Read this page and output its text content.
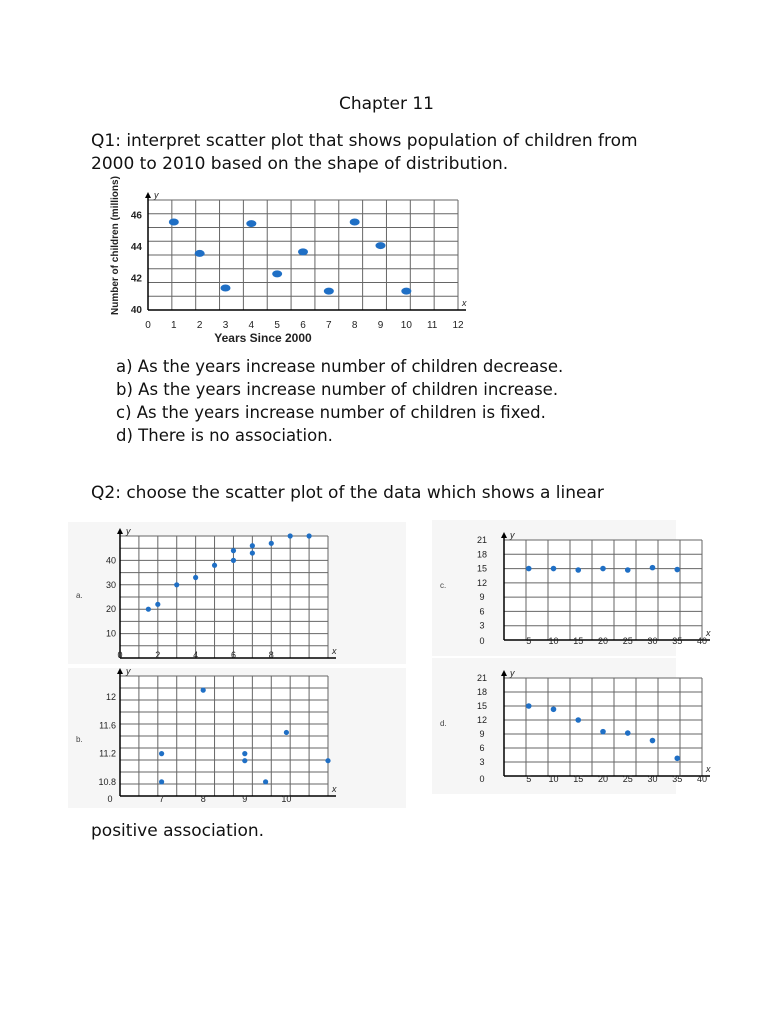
Chapter 11
Q1: interpret scatter plot that shows population of children from
2000 to 2010 based on the shape of distribution.
y
x
0 1 2 3 4 5 6 7 8 9 10 11 12
40
42
44
46
Years Since 2000
Number of children (millions)
a) As the years increase number of children decrease.
b) As the years increase number of children increase.
c) As the years increase number of children is fixed.
d) There is no association.
Q2: choose the scatter plot of the data which shows a linear
y
x
0	2	4	6	8
10
20
30
40
a.
y
x
0	7	8	9	10
10.8
11.2
11.6
12
b.
y
x
0	5 10 15 20 25 30 35 40
3
6
9
12
15
18
21
c.
y
x
0	5 10 15 20 25 30 35 40
3
6
9
12
15
18
21
d.
positive association.
